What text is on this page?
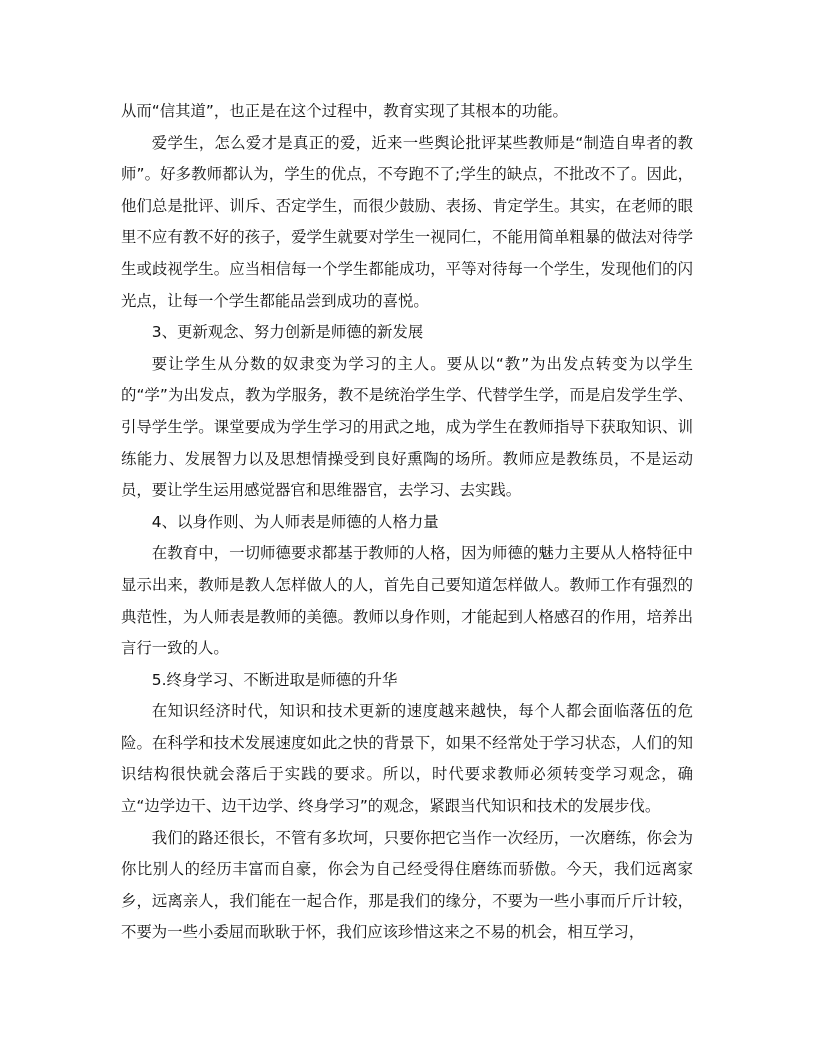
从而“信其道”，也正是在这个过程中，教育实现了其根本的功能。

爱学生，怎么爱才是真正的爱，近来一些舆论批评某些教师是“制造自卑者的教师”。好多教师都认为，学生的优点，不夸跑不了;学生的缺点，不批改不了。因此，他们总是批评、训斥、否定学生，而很少鼓励、表扬、肯定学生。其实，在老师的眼里不应有教不好的孩子，爱学生就要对学生一视同仁，不能用简单粗暴的做法对待学生或歧视学生。应当相信每一个学生都能成功，平等对待每一个学生，发现他们的闪光点，让每一个学生都能品尝到成功的喜悦。

3、更新观念、努力创新是师德的新发展

要让学生从分数的奴隶变为学习的主人。要从以“教”为出发点转变为以学生的“学”为出发点，教为学服务，教不是统治学生学、代替学生学，而是启发学生学、引导学生学。课堂要成为学生学习的用武之地，成为学生在教师指导下获取知识、训练能力、发展智力以及思想情操受到良好熏陶的场所。教师应是教练员，不是运动员，要让学生运用感觉器官和思维器官，去学习、去实践。

4、以身作则、为人师表是师德的人格力量

在教育中，一切师德要求都基于教师的人格，因为师德的魅力主要从人格特征中显示出来，教师是教人怎样做人的人，首先自己要知道怎样做人。教师工作有强烈的典范性，为人师表是教师的美德。教师以身作则，才能起到人格感召的作用，培养出言行一致的人。

5.终身学习、不断进取是师德的升华

在知识经济时代，知识和技术更新的速度越来越快，每个人都会面临落伍的危险。在科学和技术发展速度如此之快的背景下，如果不经常处于学习状态，人们的知识结构很快就会落后于实践的要求。所以，时代要求教师必须转变学习观念，确立“边学边干、边干边学、终身学习”的观念，紧跟当代知识和技术的发展步伐。

我们的路还很长，不管有多坎坷，只要你把它当作一次经历，一次磨练，你会为你比别人的经历丰富而自豪，你会为自己经受得住磨练而骄傲。今天，我们远离家乡，远离亲人，我们能在一起合作，那是我们的缘分，不要为一些小事而斤斤计较，不要为一些小委屈而耿耿于怀，我们应该珍惜这来之不易的机会，相互学习，
